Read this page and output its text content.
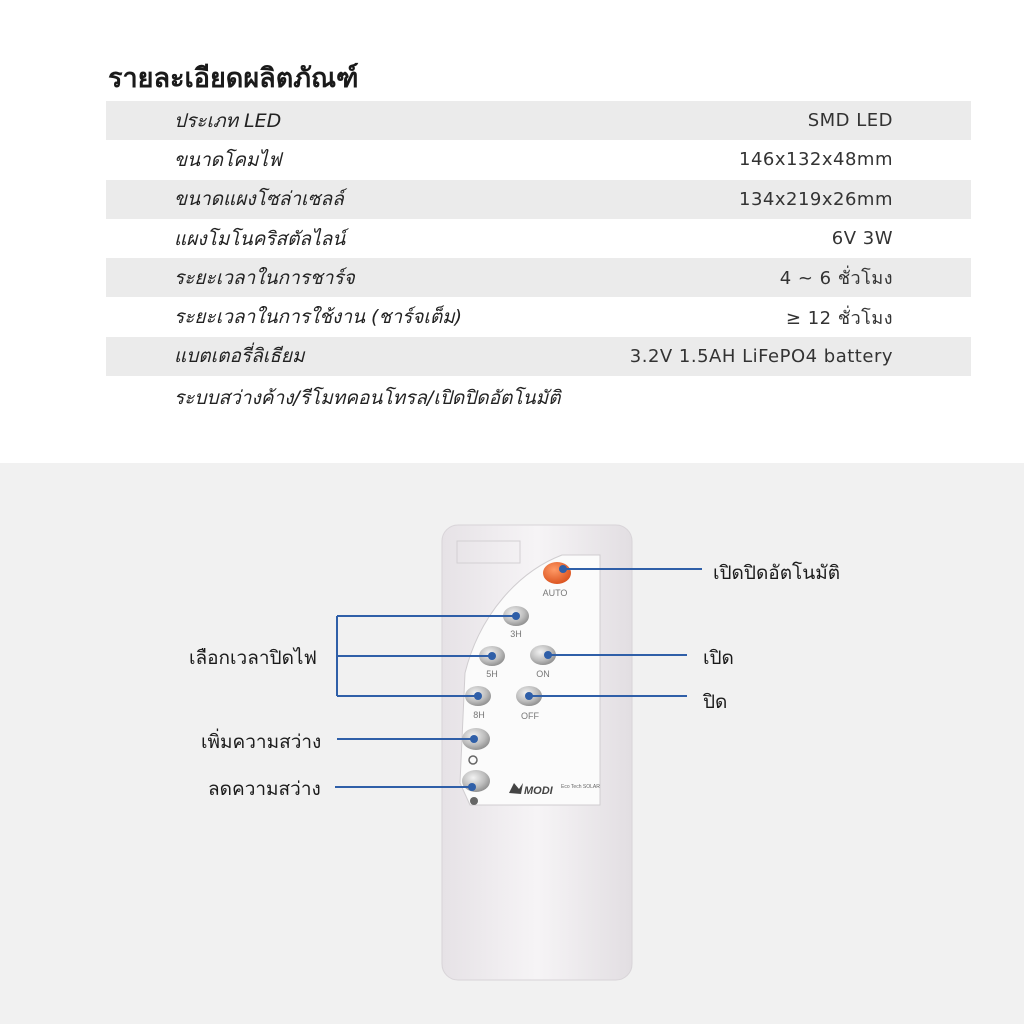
รายละเอียดผลิตภัณฑ์
ประเภท LED	SMD LED
ขนาดโคมไฟ	146x132x48mm
ขนาดแผงโซล่าเซลล์	134x219x26mm
แผงโมโนคริสตัลไลน์	6V 3W
ระยะเวลาในการชาร์จ	4 ~ 6 ชั่วโมง
ระยะเวลาในการใช้งาน (ชาร์จเต็ม)	≥ 12 ชั่วโมง
แบตเตอรี่ลิเธียม	3.2V 1.5AH LiFePO4 battery
ระบบสว่างค้าง/รีโมทคอนโทรล/เปิดปิดอัตโนมัติ
AUTO
3H
5H	ON
8H	OFF
MODI Eco Tech SOLAR
เปิดปิดอัตโนมัติ
เลือกเวลาปิดไฟ	เปิด
ปิด
เพิ่มความสว่าง
ลดความสว่าง
